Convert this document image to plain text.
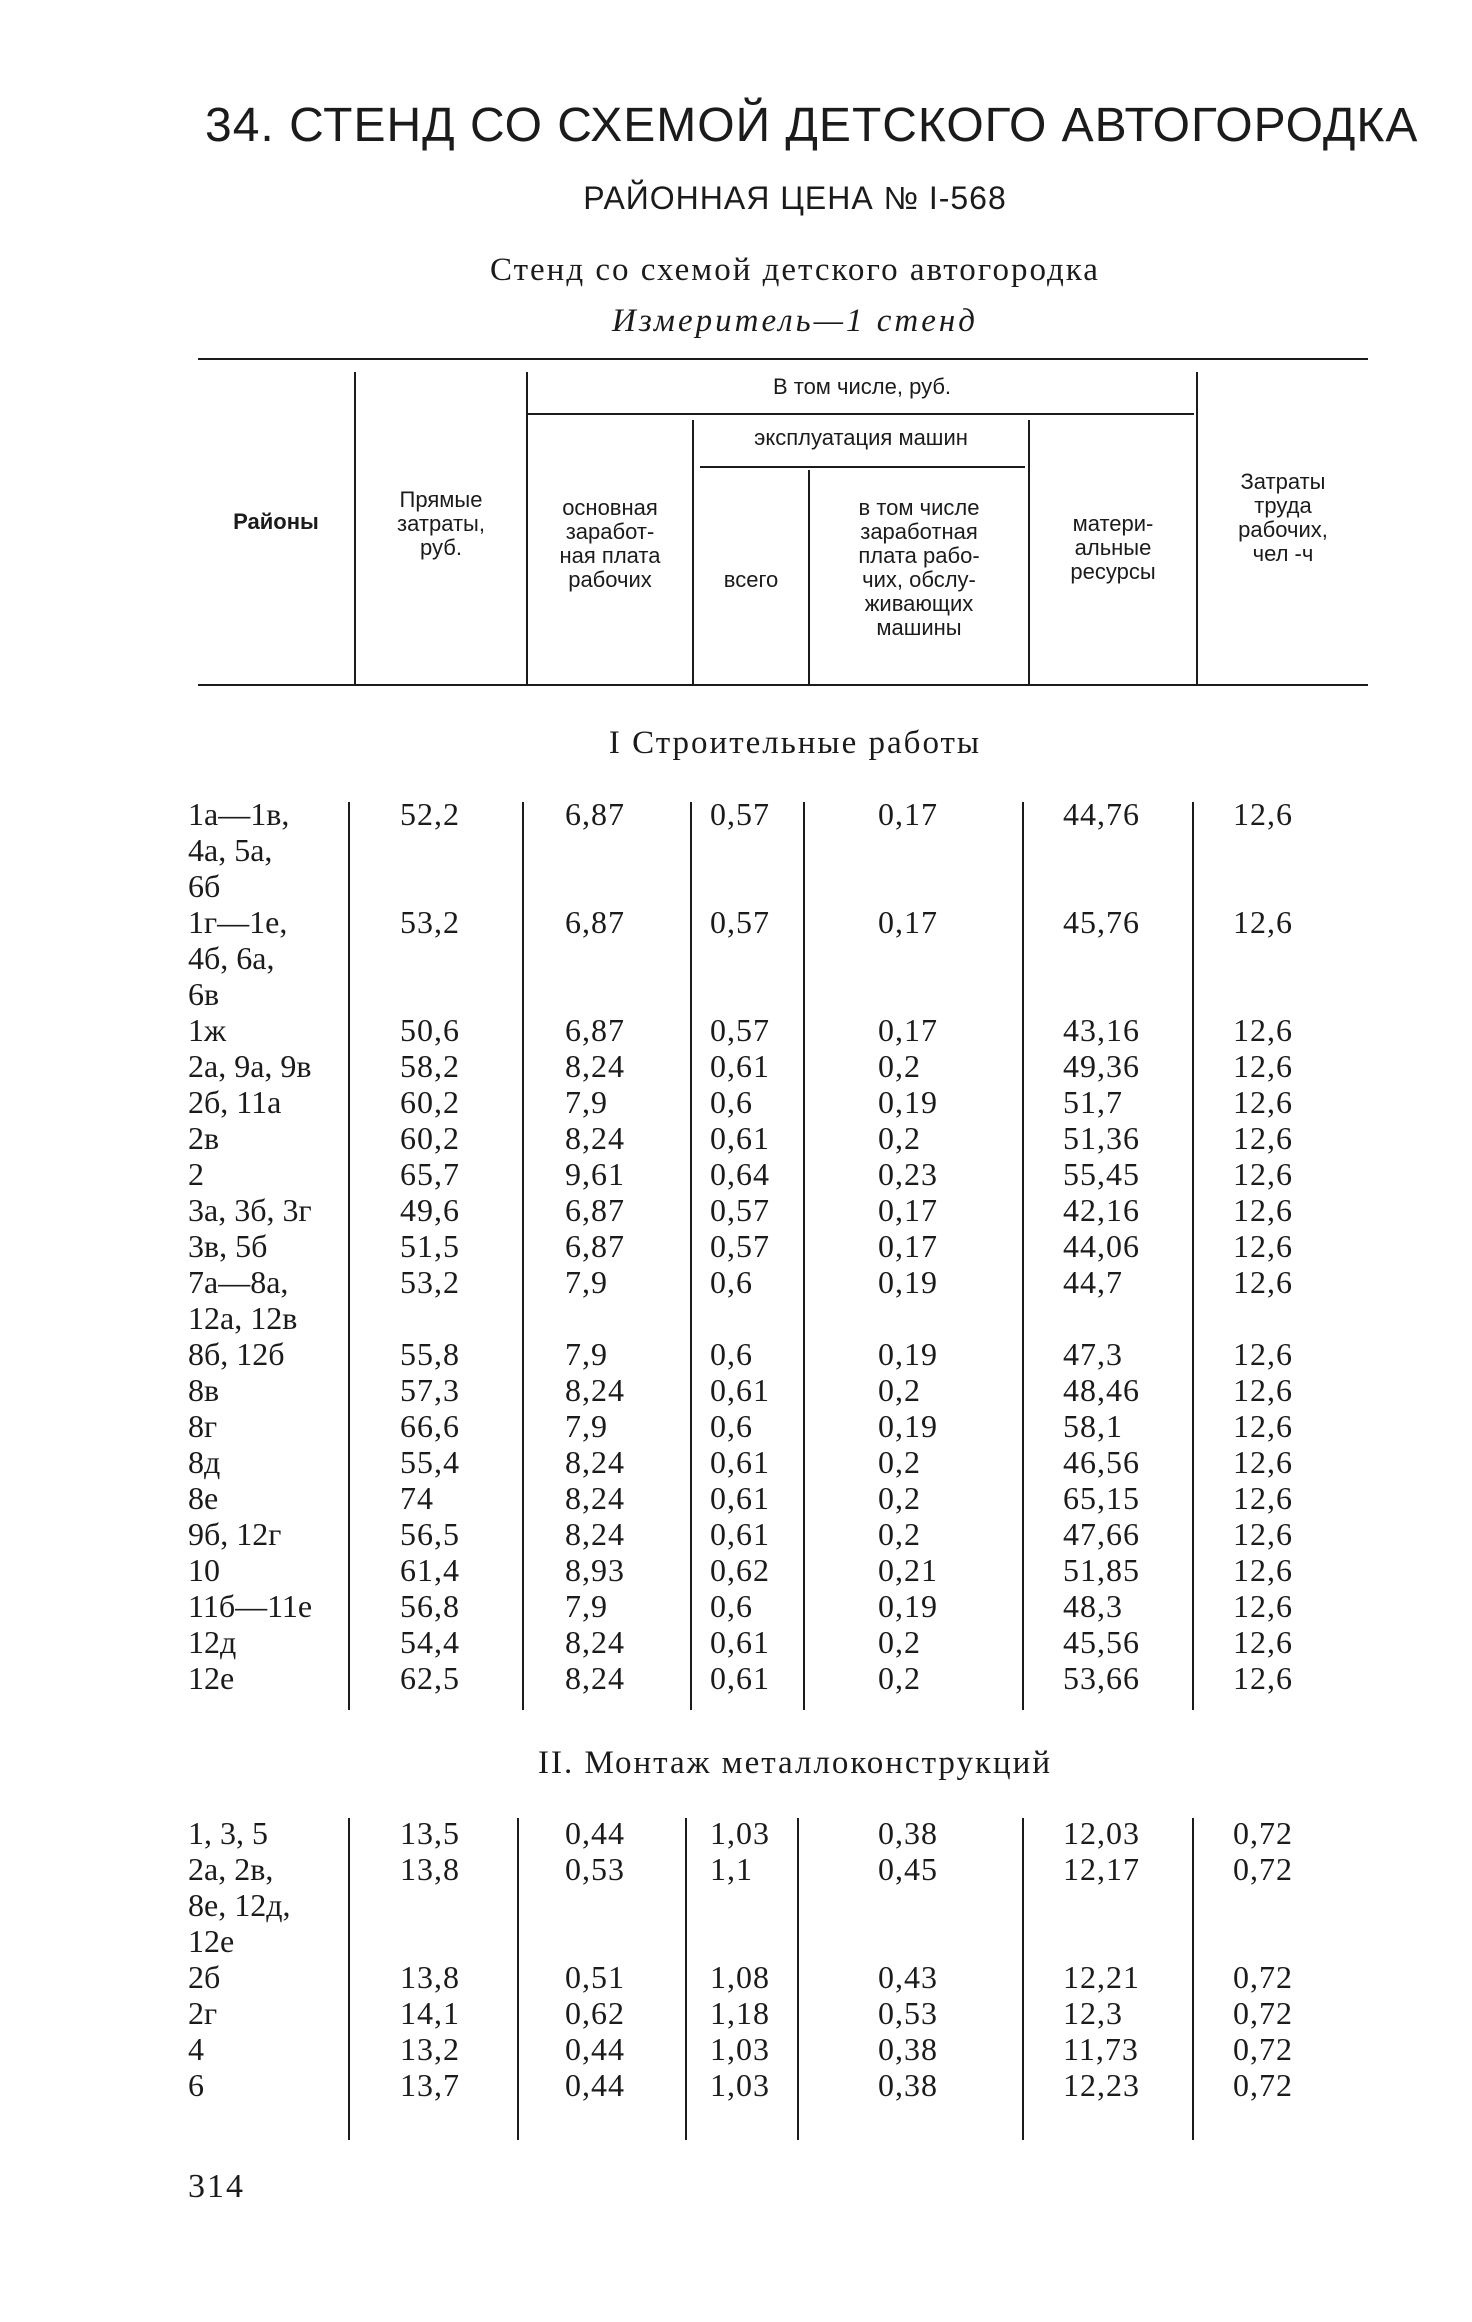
34. СТЕНД СО СХЕМОЙ ДЕТСКОГО АВТОГОРОДКА
РАЙОННАЯ ЦЕНА № I-568
Стенд со схемой детского автогородка
Измеритель—1 стенд
Районы
Прямые
затраты,
руб.
В том числе, руб.
основная
заработ-
ная плата
рабочих
эксплуатация машин
всего
в том числе
заработная
плата рабо-
чих, обслу-
живающих
машины
матери-
альные
ресурсы
Затраты
труда
рабочих,
чел -ч
I Строительные работы
1а—1в,
4а, 5а,
6б
52,2	6,87	0,57	0,17	44,76	12,6
1г—1е,
4б, 6а,
6в
53,2	6,87	0,57	0,17	45,76	12,6
1ж	50,6	6,87	0,57	0,17	43,16	12,6
2а, 9а, 9в	58,2	8,24	0,61	0,2	49,36	12,6
2б, 11а	60,2	7,9	0,6	0,19	51,7	12,6
2в	60,2	8,24	0,61	0,2	51,36	12,6
2	65,7	9,61	0,64	0,23	55,45	12,6
3а, 3б, 3г	49,6	6,87	0,57	0,17	42,16	12,6
3в, 5б	51,5	6,87	0,57	0,17	44,06	12,6
7а—8а,
12а, 12в
53,2	7,9	0,6	0,19	44,7	12,6
8б, 12б	55,8	7,9	0,6	0,19	47,3	12,6
8в	57,3	8,24	0,61	0,2	48,46	12,6
8г	66,6	7,9	0,6	0,19	58,1	12,6
8д	55,4	8,24	0,61	0,2	46,56	12,6
8е	74	8,24	0,61	0,2	65,15	12,6
9б, 12г	56,5	8,24	0,61	0,2	47,66	12,6
10	61,4	8,93	0,62	0,21	51,85	12,6
11б—11е	56,8	7,9	0,6	0,19	48,3	12,6
12д	54,4	8,24	0,61	0,2	45,56	12,6
12е	62,5	8,24	0,61	0,2	53,66	12,6
II. Монтаж металлоконструкций
1, 3, 5	13,5	0,44	1,03	0,38	12,03	0,72
2а, 2в,
8е, 12д,
12е
13,8	0,53	1,1	0,45	12,17	0,72
2б	13,8	0,51	1,08	0,43	12,21	0,72
2г	14,1	0,62	1,18	0,53	12,3	0,72
4	13,2	0,44	1,03	0,38	11,73	0,72
6	13,7	0,44	1,03	0,38	12,23	0,72
314
